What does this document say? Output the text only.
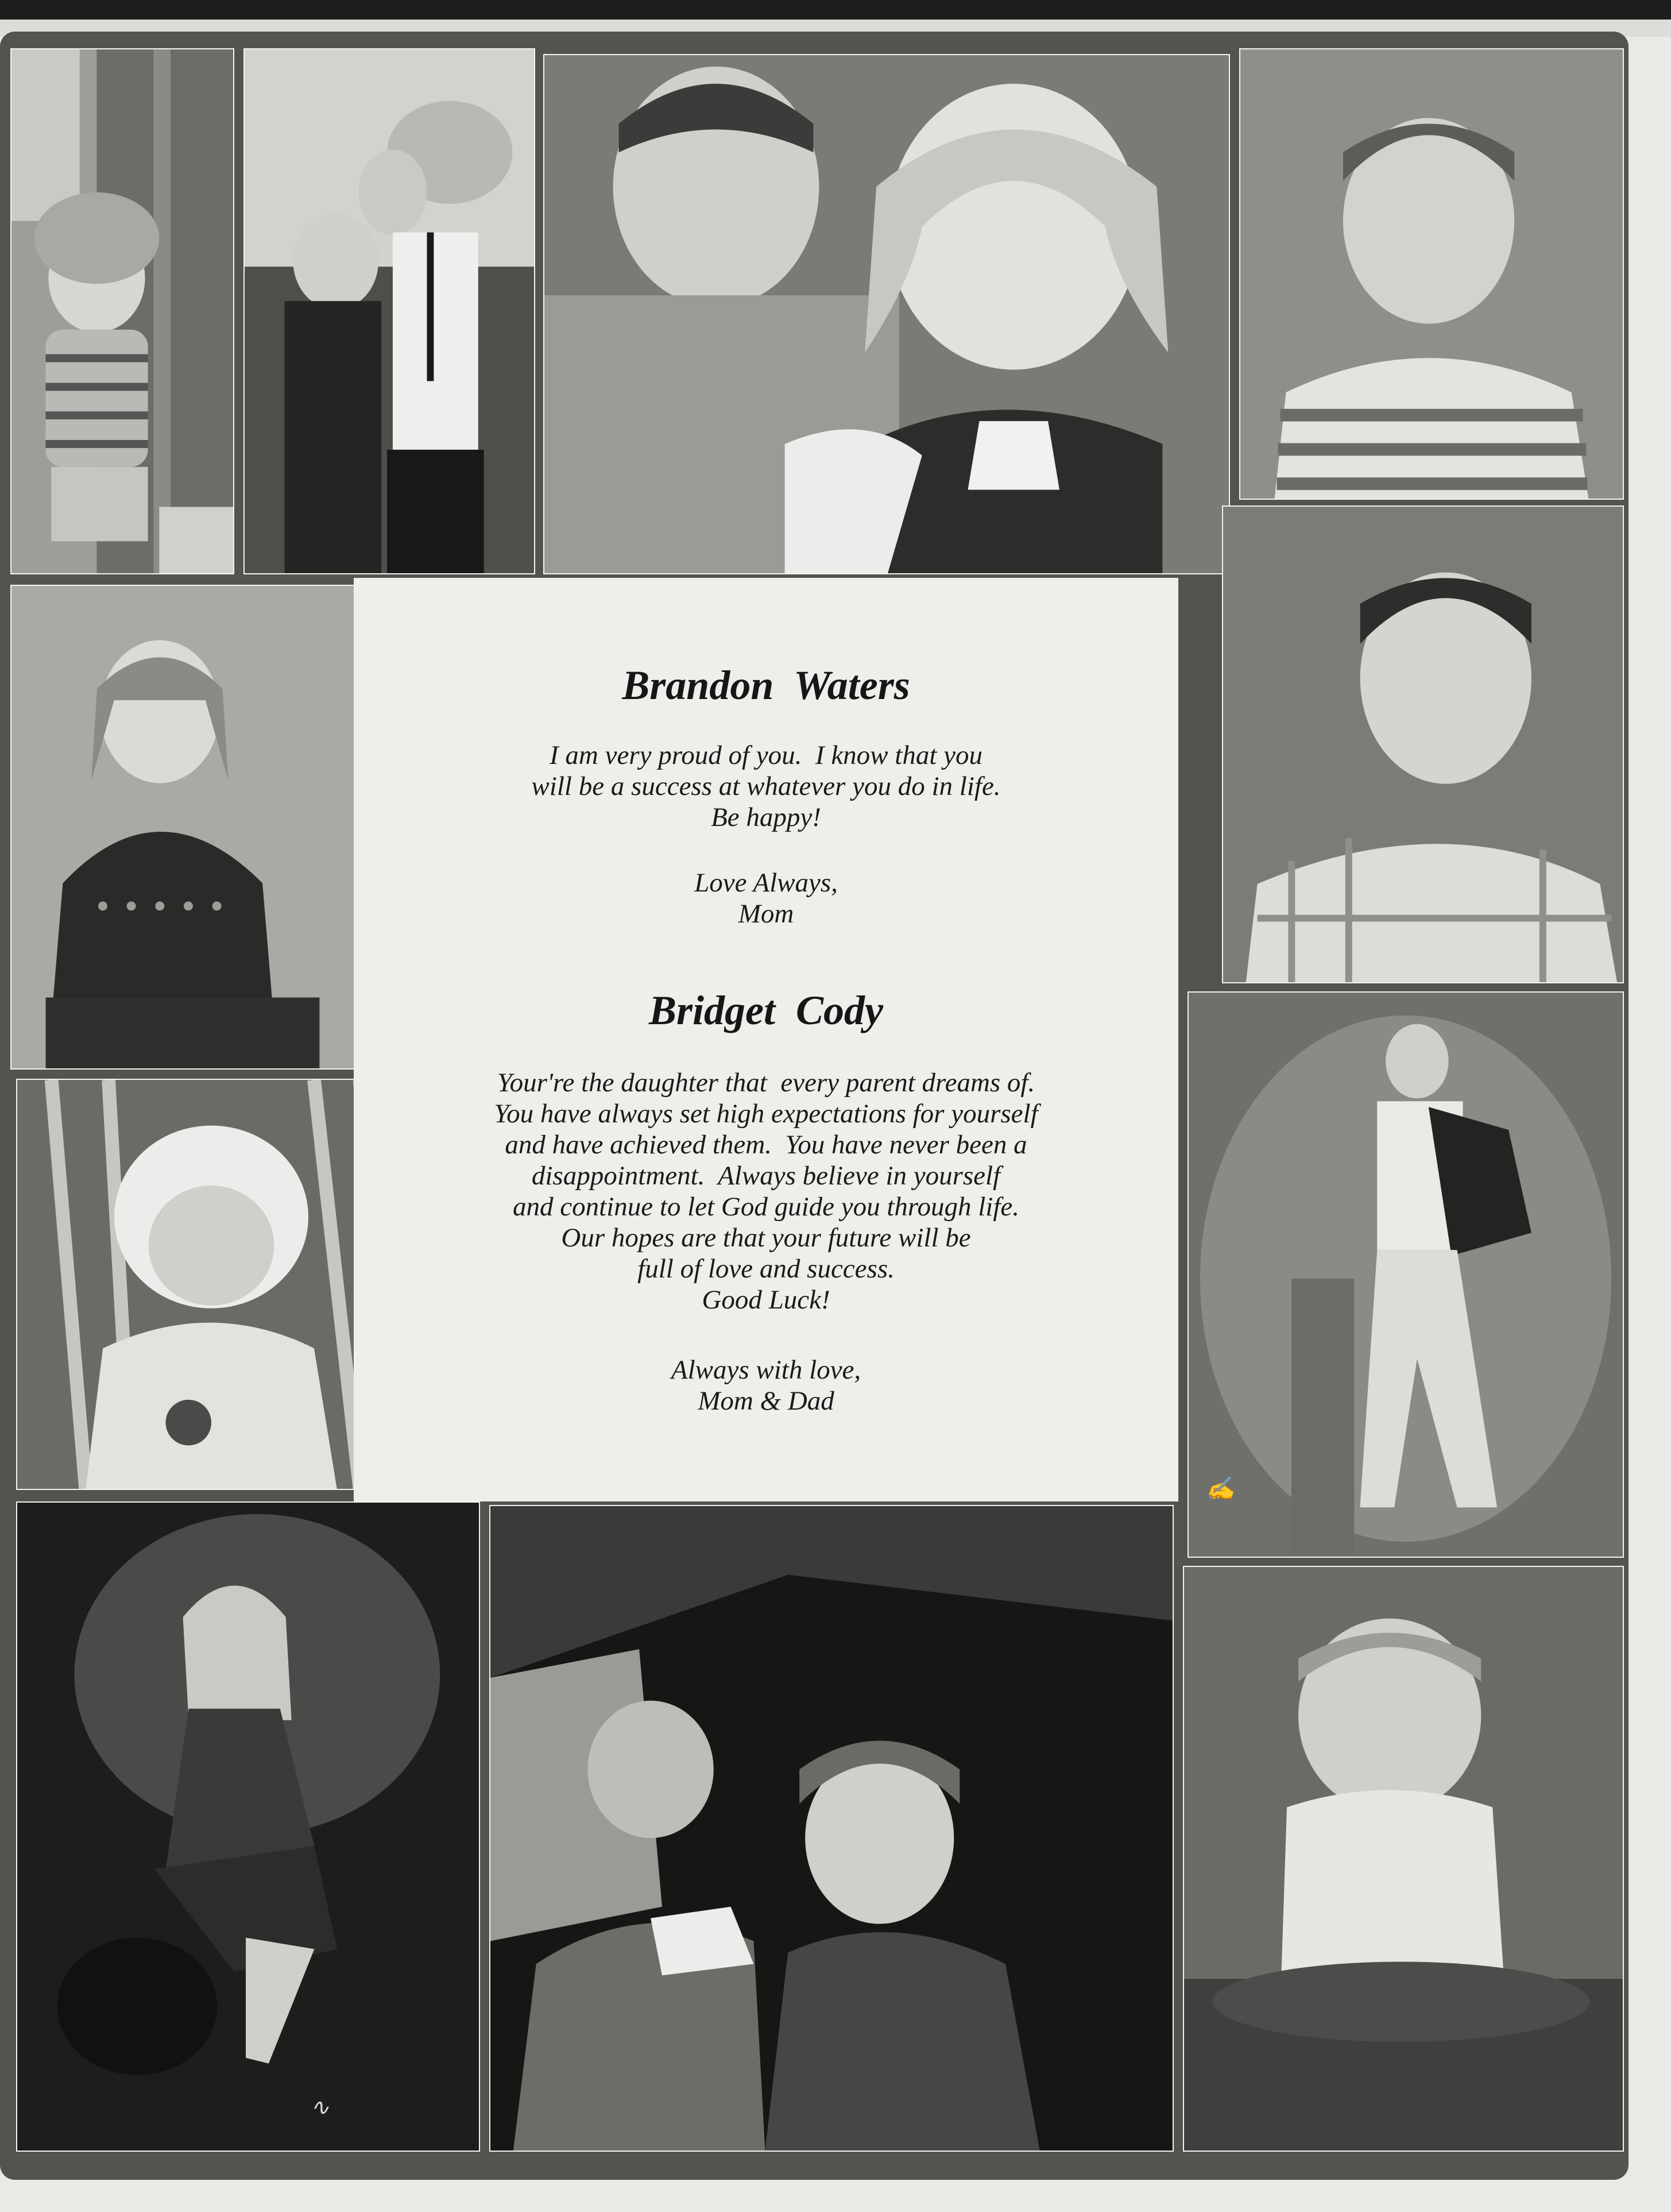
✍
∿
Brandon Waters
I am very proud of you.  I know that you
will be a success at whatever you do in life.
Be happy!
Love Always,
Mom
Bridget Cody
Your're the daughter that  every parent dreams of.
You have always set high expectations for yourself
and have achieved them.  You have never been a
disappointment.  Always believe in yourself
and continue to let God guide you through life.
Our hopes are that your future will be
full of love and success.
Good Luck!
Always with love,
Mom & Dad
